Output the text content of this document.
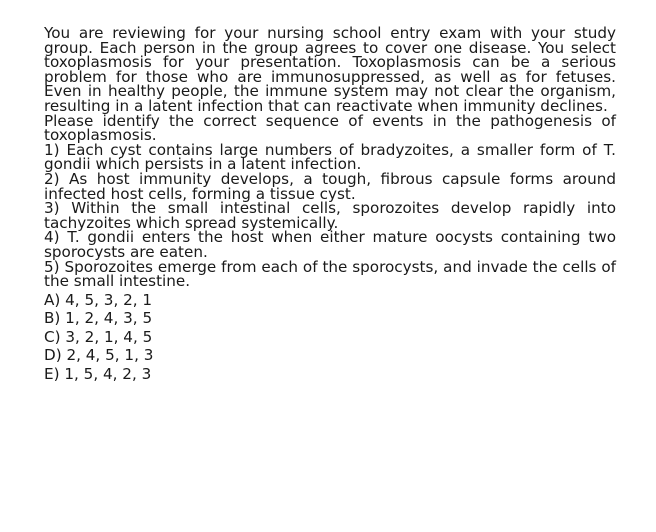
You are reviewing for your nursing school entry exam with your study group. Each person in the group agrees to cover one disease. You select toxoplasmosis for your presentation. Toxoplasmosis can be a serious problem for those who are immunosuppressed, as well as for fetuses. Even in healthy people, the immune system may not clear the organism, resulting in a latent infection that can reactivate when immunity declines.

Please identify the correct sequence of events in the pathogenesis of toxoplasmosis.

1) Each cyst contains large numbers of bradyzoites, a smaller form of T. gondii which persists in a latent infection.

2) As host immunity develops, a tough, fibrous capsule forms around infected host cells, forming a tissue cyst.

3) Within the small intestinal cells, sporozoites develop rapidly into tachyzoites which spread systemically.

4) T. gondii enters the host when either mature oocysts containing two sporocysts are eaten.

5) Sporozoites emerge from each of the sporocysts, and invade the cells of the small intestine.

A) 4, 5, 3, 2, 1

B) 1, 2, 4, 3, 5

C) 3, 2, 1, 4, 5

D) 2, 4, 5, 1, 3

E) 1, 5, 4, 2, 3
